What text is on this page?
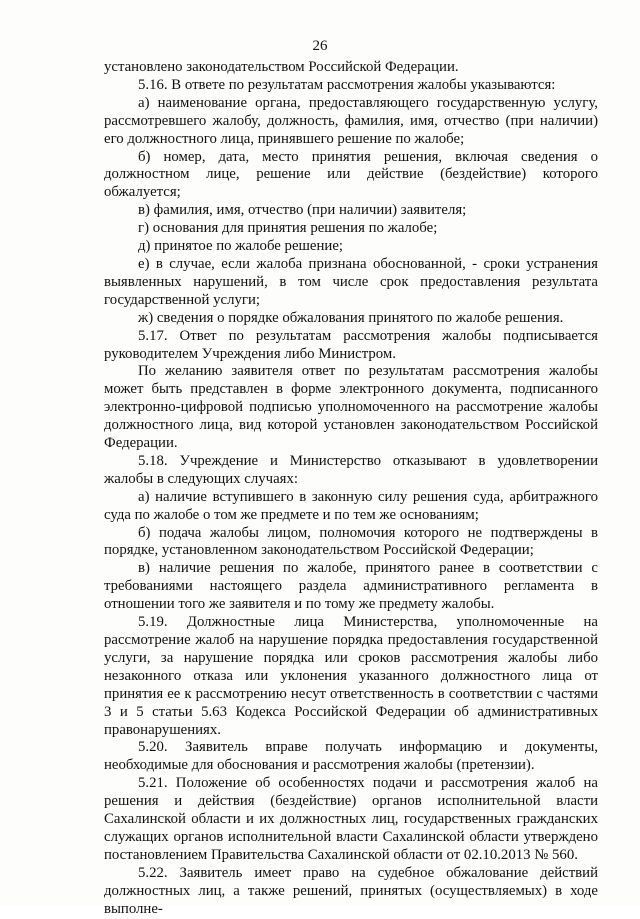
26

установлено законодательством Российской Федерации.

5.16. В ответе по результатам рассмотрения жалобы указываются:

а) наименование органа, предоставляющего государственную услугу, рассмотревшего жалобу, должность, фамилия, имя, отчество (при наличии) его должностного лица, принявшего решение по жалобе;

б) номер, дата, место принятия решения, включая сведения о должностном лице, решение или действие (бездействие) которого обжалуется;

в) фамилия, имя, отчество (при наличии) заявителя;

г) основания для принятия решения по жалобе;

д) принятое по жалобе решение;

е) в случае, если жалоба признана обоснованной, - сроки устранения выявленных нарушений, в том числе срок предоставления результата государственной услуги;

ж) сведения о порядке обжалования принятого по жалобе решения.

5.17. Ответ по результатам рассмотрения жалобы подписывается руководителем Учреждения либо Министром.

По желанию заявителя ответ по результатам рассмотрения жалобы может быть представлен в форме электронного документа, подписанного электронно-цифровой подписью уполномоченного на рассмотрение жалобы должностного лица, вид которой установлен законодательством Российской Федерации.

5.18. Учреждение и Министерство отказывают в удовлетворении жалобы в следующих случаях:

а) наличие вступившего в законную силу решения суда, арбитражного суда по жалобе о том же предмете и по тем же основаниям;

б) подача жалобы лицом, полномочия которого не подтверждены в порядке, установленном законодательством Российской Федерации;

в) наличие решения по жалобе, принятого ранее в соответствии с требованиями настоящего раздела административного регламента в отношении того же заявителя и по тому же предмету жалобы.

5.19. Должностные лица Министерства, уполномоченные на рассмотрение жалоб на нарушение порядка предоставления государственной услуги, за нарушение порядка или сроков рассмотрения жалобы либо незаконного отказа или уклонения указанного должностного лица от принятия ее к рассмотрению несут ответственность в соответствии с частями 3 и 5 статьи 5.63 Кодекса Российской Федерации об административных правонарушениях.

5.20. Заявитель вправе получать информацию и документы, необходимые для обоснования и рассмотрения жалобы (претензии).

5.21. Положение об особенностях подачи и рассмотрения жалоб на решения и действия (бездействие) органов исполнительной власти Сахалинской области и их должностных лиц, государственных гражданских служащих органов исполнительной власти Сахалинской области утверждено постановлением Правительства Сахалинской области от 02.10.2013 № 560.

5.22. Заявитель имеет право на судебное обжалование действий должностных лиц, а также решений, принятых (осуществляемых) в ходе выполне-
